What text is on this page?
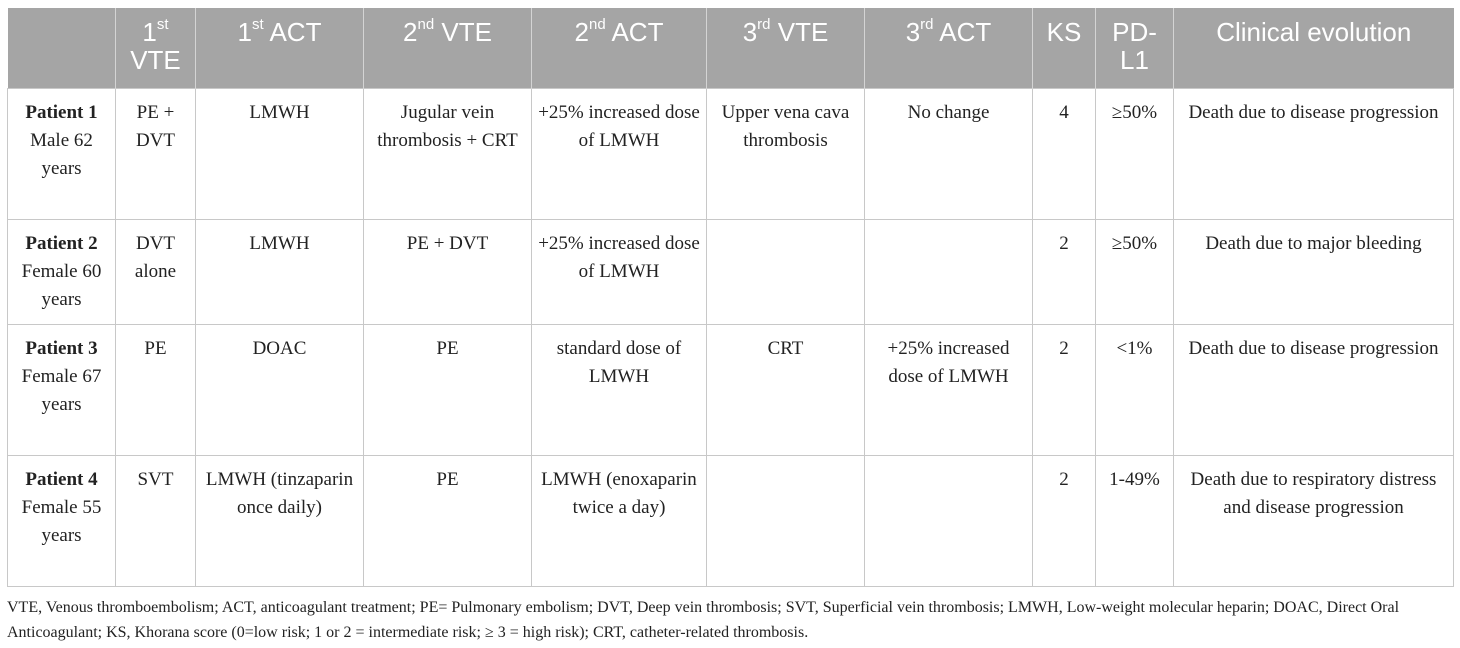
	1st VTE	1st ACT	2nd VTE	2nd ACT	3rd VTE	3rd ACT	KS	PD-L1	Clinical evolution
Patient 1 Male 62 years	PE + DVT	LMWH	Jugular vein thrombosis + CRT	+25% increased dose of LMWH	Upper vena cava thrombosis	No change	4	≥50%	Death due to disease progression
Patient 2 Female 60 years	DVT alone	LMWH	PE + DVT	+25% increased dose of LMWH			2	≥50%	Death due to major bleeding
Patient 3 Female 67 years	PE	DOAC	PE	standard dose of LMWH	CRT	+25% increased dose of LMWH	2	<1%	Death due to disease progression
Patient 4 Female 55 years	SVT	LMWH (tinzaparin once daily)	PE	LMWH (enoxaparin twice a day)			2	1-49%	Death due to respiratory distress and disease progression
VTE, Venous thromboembolism; ACT, anticoagulant treatment; PE= Pulmonary embolism; DVT, Deep vein thrombosis; SVT, Superficial vein thrombosis; LMWH, Low-weight molecular heparin; DOAC, Direct Oral Anticoagulant; KS, Khorana score (0=low risk; 1 or 2 = intermediate risk; ≥ 3 = high risk); CRT, catheter-related thrombosis.
